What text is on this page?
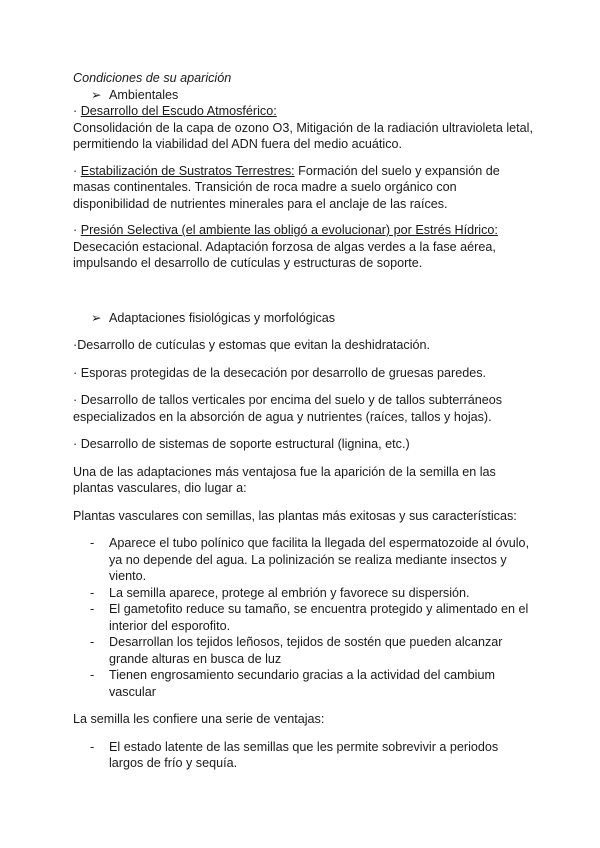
Condiciones de su aparición
➢ Ambientales
· Desarrollo del Escudo Atmosférico:
Consolidación de la capa de ozono O3, Mitigación de la radiación ultravioleta letal, permitiendo la viabilidad del ADN fuera del medio acuático.
· Estabilización de Sustratos Terrestres: Formación del suelo y expansión de masas continentales. Transición de roca madre a suelo orgánico con disponibilidad de nutrientes minerales para el anclaje de las raíces.
· Presión Selectiva (el ambiente las obligó a evolucionar) por Estrés Hídrico:
Desecación estacional. Adaptación forzosa de algas verdes a la fase aérea, impulsando el desarrollo de cutículas y estructuras de soporte.
➢ Adaptaciones fisiológicas y morfológicas
·Desarrollo de cutículas y estomas que evitan la deshidratación.
· Esporas protegidas de la desecación por desarrollo de gruesas paredes.
· Desarrollo de tallos verticales por encima del suelo y de tallos subterráneos especializados en la absorción de agua y nutrientes (raíces, tallos y hojas).
· Desarrollo de sistemas de soporte estructural (lignina, etc.)
Una de las adaptaciones más ventajosa fue la aparición de la semilla en las plantas vasculares, dio lugar a:
Plantas vasculares con semillas, las plantas más exitosas y sus características:
- Aparece el tubo polínico que facilita la llegada del espermatozoide al óvulo, ya no depende del agua. La polinización se realiza mediante insectos y viento.
- La semilla aparece, protege al embrión y favorece su dispersión.
- El gametofito reduce su tamaño, se encuentra protegido y alimentado en el interior del esporofito.
- Desarrollan los tejidos leñosos, tejidos de sostén que pueden alcanzar grande alturas en busca de luz
- Tienen engrosamiento secundario gracias a la actividad del cambium vascular
La semilla les confiere una serie de ventajas:
- El estado latente de las semillas que les permite sobrevivir a periodos largos de frío y sequía.
